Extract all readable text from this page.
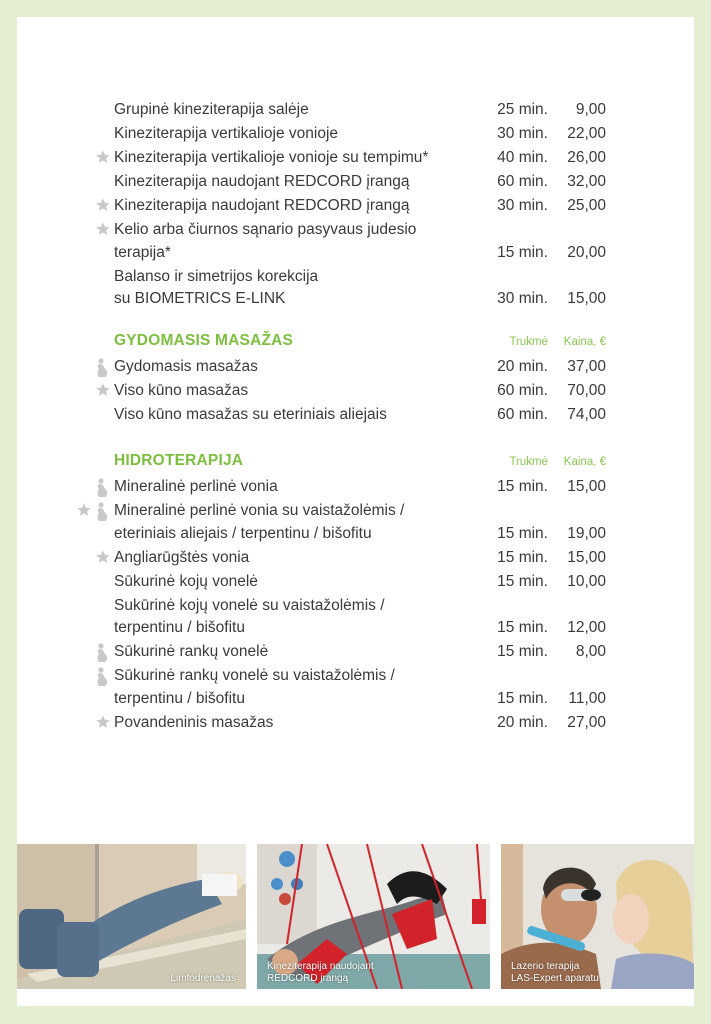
GYDOMASIS MASAŽAS	Trukmė Kaina, €
HIDROTERAPIJA	Trukmė Kaina, €
Limfodrenažas
Kineziterapija naudojant
REDCORD įrangą
Lazerio terapija
LAS-Expert aparatu
Grupinė kineziterapija salėje	25 min. 9,00
Kineziterapija vertikalioje vonioje	30 min. 22,00
Kineziterapija vertikalioje vonioje su tempimu*	40 min. 26,00
Kineziterapija naudojant REDCORD įrangą	60 min. 32,00
Kineziterapija naudojant REDCORD įrangą	30 min. 25,00
Kelio arba čiurnos sąnario pasyvaus judesio
terapija*	15 min. 20,00
Balanso ir simetrijos korekcija
su BIOMETRICS E-LINK	30 min. 15,00
Gydomasis masažas	20 min. 37,00
Viso kūno masažas	60 min. 70,00
Viso kūno masažas su eteriniais aliejais	60 min. 74,00
Mineralinė perlinė vonia	15 min. 15,00
Mineralinė perlinė vonia su vaistažolėmis /
eteriniais aliejais / terpentinu / bišofitu	15 min. 19,00
Angliarūgštės vonia	15 min. 15,00
Sūkurinė kojų vonelė	15 min. 10,00
Sukūrinė kojų vonelė su vaistažolėmis /
terpentinu / bišofitu	15 min. 12,00
Sūkurinė rankų vonelė	15 min. 8,00
Sūkurinė rankų vonelė su vaistažolėmis /
terpentinu / bišofitu	15 min. 11,00
Povandeninis masažas	20 min. 27,00
